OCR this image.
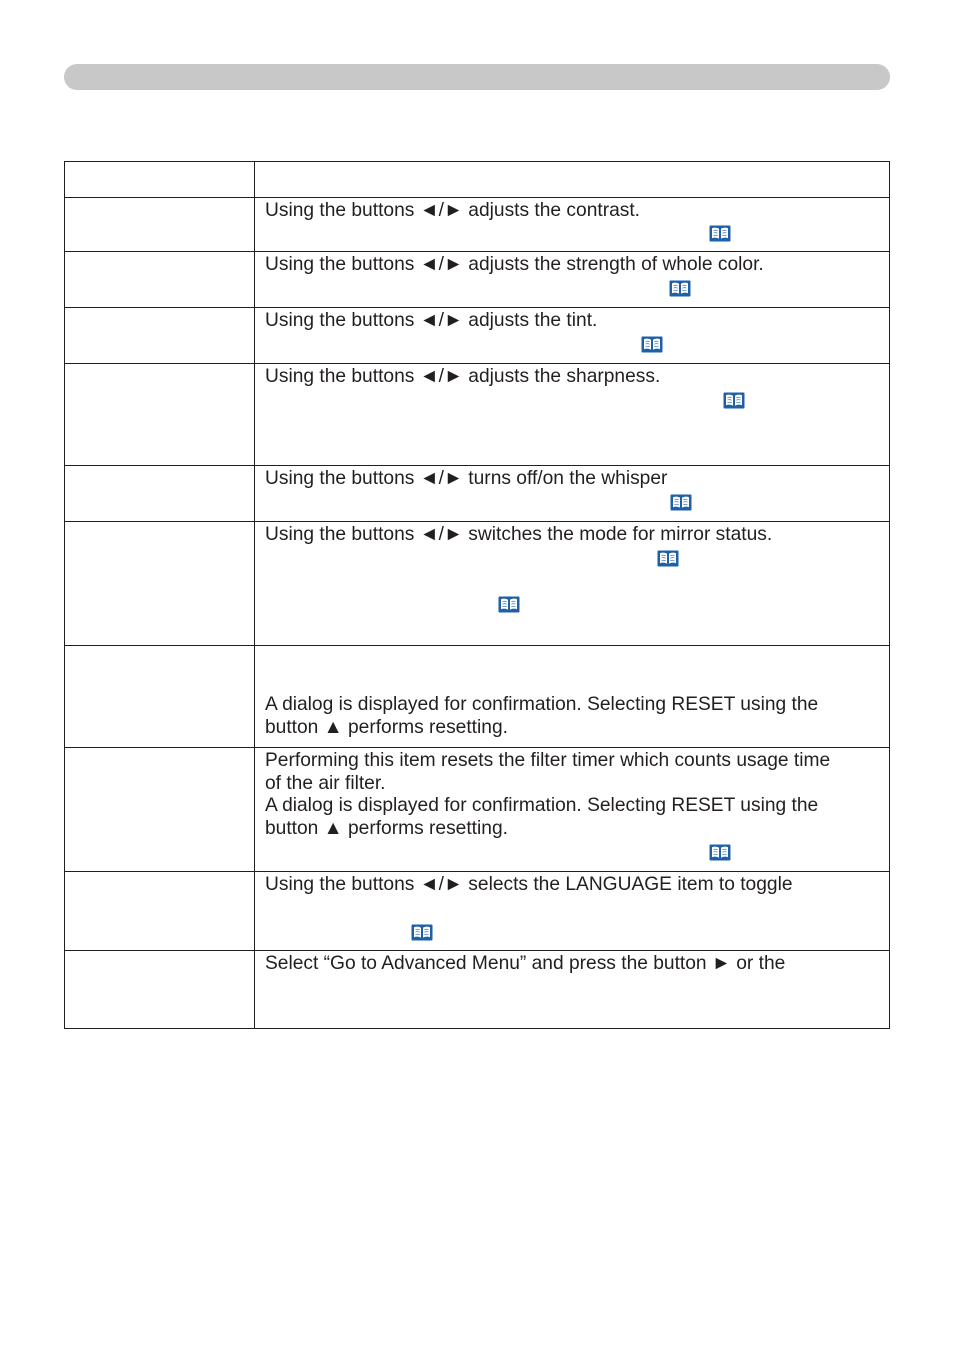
	Using the buttons ◄/► adjusts the contrast.

	Using the buttons ◄/► adjusts the strength of whole color.

	Using the buttons ◄/► adjusts the tint.

	Using the buttons ◄/► adjusts the sharpness.

	Using the buttons ◄/► turns off/on the whisper

	Using the buttons ◄/► switches the mode for mirror status.

	A dialog is displayed for confirmation. Selecting RESET using the
button ▲ performs resetting.

	Performing this item resets the filter timer which counts usage time
of the air filter.
A dialog is displayed for confirmation. Selecting RESET using the
button ▲ performs resetting.

	Using the buttons ◄/► selects the LANGUAGE item to toggle

	Select “Go to Advanced Menu” and press the button ► or the
